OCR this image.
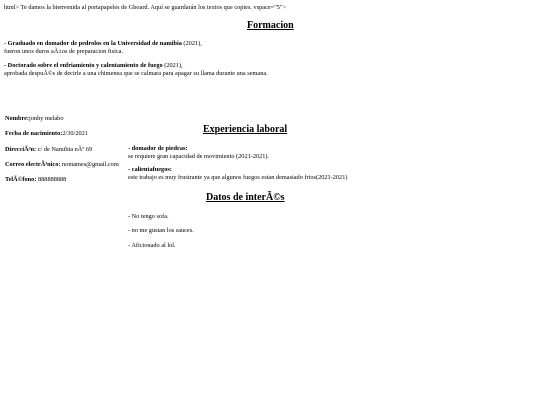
html> Te damos la bienvenida al portapapeles de Gboard. Aquí se guardarán los textos que copies. vspace="5">
Formacion
- Graduado en domador de pedrolos en la Universidad de namibia (2021),
fueron unos duros aÃ±os de preparacion fisica.
- Doctorado sobre el enfriamiento y calentamiento de fuego (2021),
aprobada despuÃ©s de decirle a una chimenea que se calmara para apagar su llama durante una semana.
Nombre:jonhy melabo
Fecha de nacimiento:2/30/2021
DirecciÃ³n: c/ de Namibia nÂº 69
Correo electrÃ³nico: nomames@gmail.com
TelÃ©fono: 888888888
Experiencia laboral
- domador de piedras:
se requiere gran capacidad de movimiento (2021-2021).
- calientafuegos:
este trabajo es muy frustrante ya que algunos fuegos estan demasiado frios(2021-2021)
Datos de interÃ©s
- No tengo sofa.
- no me gustan los sauces.
- Aficionado al lol.
